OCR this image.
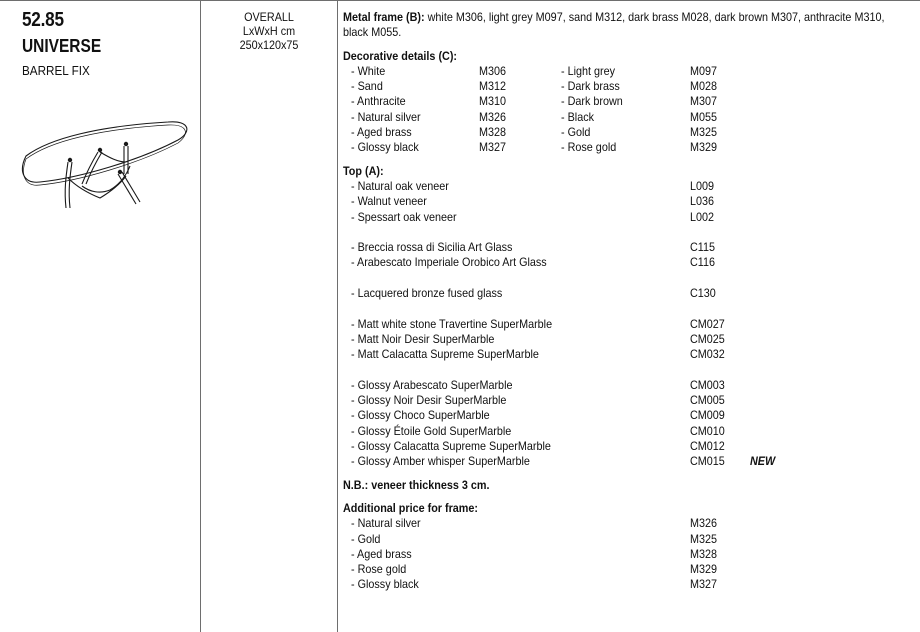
52.85
UNIVERSE
BARREL FIX
OVERALL
LxWxH cm
250x120x75
Metal frame (B): white M306, light grey M097, sand M312, dark brass M028, dark brown M307, anthracite M310, black M055.
Decorative details (C):
- White	M306	- Light grey	M097
- Sand	M312	- Dark brass	M028
- Anthracite	M310	- Dark brown	M307
- Natural silver	M326	- Black	M055
- Aged brass	M328	- Gold	M325
- Glossy black	M327	- Rose gold	M329
Top (A):
- Natural oak veneer	L009
- Walnut veneer	L036
- Spessart oak veneer	L002
- Breccia rossa di Sicilia Art Glass	C115
- Arabescato Imperiale Orobico Art Glass	C116
- Lacquered bronze fused glass	C130
- Matt white stone Travertine SuperMarble	CM027
- Matt Noir Desir SuperMarble	CM025
- Matt Calacatta Supreme SuperMarble	CM032
- Glossy Arabescato SuperMarble	CM003
- Glossy Noir Desir SuperMarble	CM005
- Glossy Choco SuperMarble	CM009
- Glossy Étoile Gold SuperMarble	CM010
- Glossy Calacatta Supreme SuperMarble	CM012
- Glossy Amber whisper SuperMarble	CM015 NEW
N.B.: veneer thickness 3 cm.
Additional price for frame:
- Natural silver	M326
- Gold	M325
- Aged brass	M328
- Rose gold	M329
- Glossy black	M327
